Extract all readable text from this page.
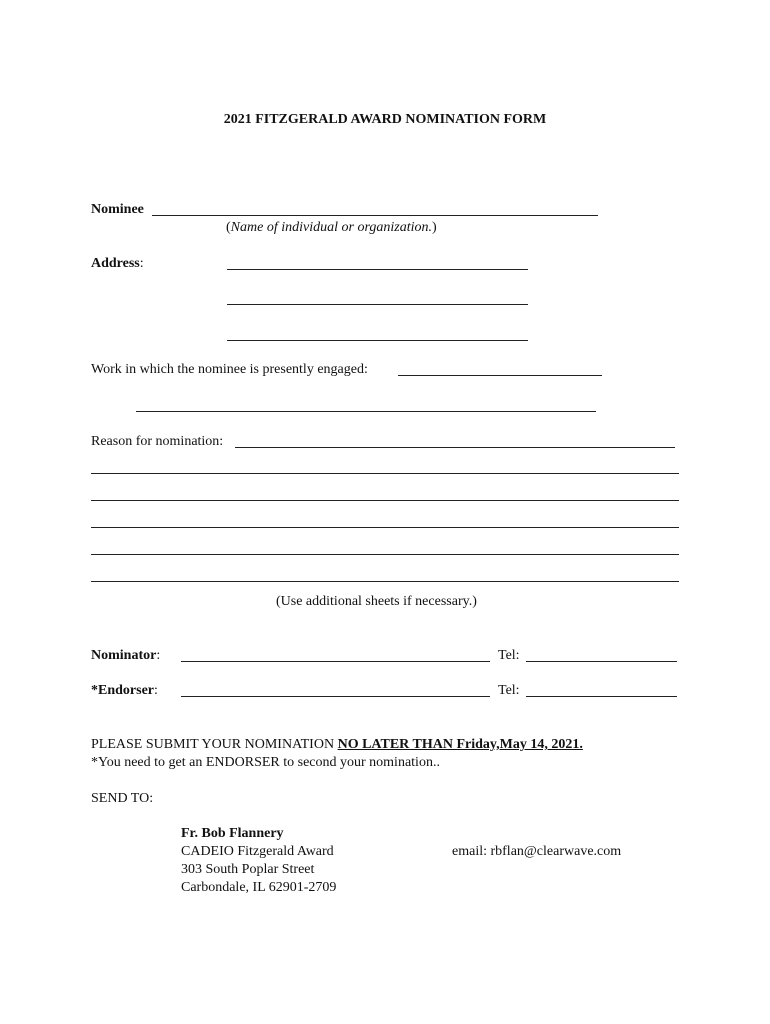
2021 FITZGERALD AWARD NOMINATION FORM
Nominee
(Name of individual or organization.)
Address:
Work in which the nominee is presently engaged:
Reason for nomination:
(Use additional sheets if necessary.)
Nominator:	Tel:
*Endorser:	Tel:
PLEASE SUBMIT YOUR NOMINATION NO LATER THAN Friday,May 14, 2021.
*You need to get an ENDORSER to second your nomination..
SEND TO:
Fr. Bob Flannery
CADEIO Fitzgerald Award
303 South Poplar Street
Carbondale, IL 62901-2709
email: rbflan@clearwave.com
